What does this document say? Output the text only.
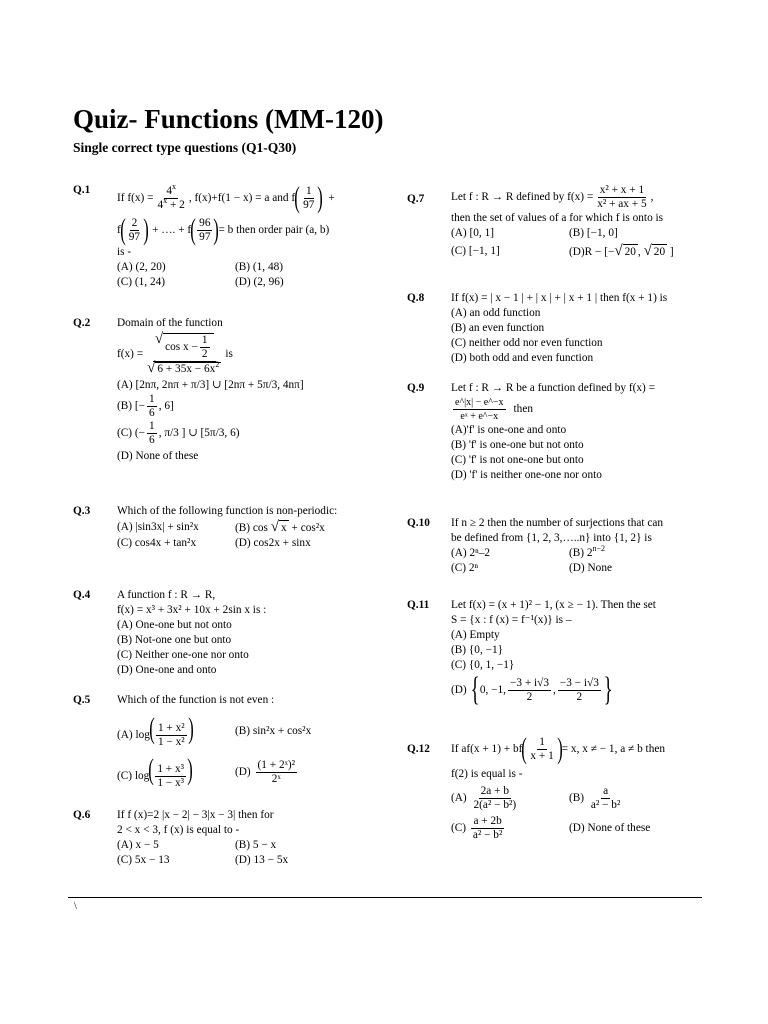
Quiz- Functions (MM-120)

Single correct type questions (Q1-Q30)

Q.1
If $f(x) = \frac{4^x}{4^x + 2}$ , f(x)+f(1 − x) = a and f ( $\frac{1}{97}$ ) +
f ( $\frac{2}{97}$ ) + …. + f ( $\frac{96}{97}$ ) = b then order pair (a, b)

is -

(A) (2, 20)	(B) (1, 48)
(C) (1, 24)	(D) (2, 96)
Q.2 Domain of the function

$f(x) = \frac{√ \cos x - \frac{1}{2}}{√ 6 + 35x - 6x^2}$ is

(A) [2nπ, 2nπ + π/3] ∪ [2nπ + 5π/3, 4nπ]

(B) [− $\frac{1}{6}$ , 6]
(C) (− $\frac{1}{6}$ , π/3 ] ∪ [5π/3, 6)

(D) None of these

Q.3 Which of the following function is non-periodic:

(A) |sin3x| + sin²x	(B) cos √ x + cos²x
(C) cos4x + tan²x	(D) cos2x + sinx
Q.4 A function f : R → R,

f(x) = x³ + 3x² + 10x + 2sin x is :

(A) One-one but not onto

(B) Not-one one but onto

(C) Neither one-one nor onto

(D) One-one and onto

Q.5 Which of the function is not even :

(A) $\log( \frac{\text{1 + x²}}{\text{1 − x²}}$ )	(B) sin²x + cos²x
(C) $\log( \frac{\text{1 + x³}}{\text{1 − x³}}$ )	$(D) \frac{\text{(1 + 2ˣ)²}}{\text{2ˣ}}$
Q.6 If f (x)=2 |x − 2| − 3|x − 3| then for

2 < x < 3, f (x) is equal to -

(A) x − 5	(B) 5 − x
(C) 5x − 13	(D) 13 − 5x
Q.7 Let f : R → R defined by $f(x) = \frac{\text{x² + x + 1}}{\text{x² + ax + 5}}$ ,

then the set of values of a for which f is onto is

(A) [0, 1]	(B) [−1, 0]
(C) [−1, 1]	(D)R − [− √ 20 , √ 20 ]
Q.8 If f(x) = | x − 1 | + | x | + | x + 1 | then f(x + 1) is

(A) an odd function

(B) an even function

(C) neither odd nor even function

(D) both odd and even function

Q.9 Let f : R → R be a function defined by f(x) =

$\frac{e\^{}|x| - e\^{}-x}{\text{eˣ + e\textasciicircum{}−x}}$ then

(A)'f' is one-one and onto

(B) 'f' is one-one but not onto

(C) 'f' is not one-one but onto

(D) 'f' is neither one-one nor onto

Q.10 If n ≥ 2 then the number of surjections that can

be defined from {1, 2, 3,…..n} into {1, 2} is

(A) 2ⁿ–2	(B) $2^{n-2}$
(C) 2ⁿ	(D) None
Q.11 Let f(x) = (x + 1)² − 1, (x ≥ − 1). Then the set

S = {x : f (x) = f⁻¹(x)} is –

(A) Empty

(B) {0, −1}

(C) {0, 1, −1}

(D)
{ 0, −1, $\frac{-3 + i√3}{2}$ , $\frac{-3 - i√3}{2}$ }
Q.12 If af(x + 1) + bf ( $\frac{1}{x + 1}$ ) = x, x ≠ − 1, a ≠ b then

f(2) is equal is -

$(A) \frac{2a + b}{\text{2(a² − b²)}}$	$(B) \frac{a}{\text{a² − b²}}$
$(C) \frac{a + 2b}{\text{a² − b²}}$	(D) None of these
\
